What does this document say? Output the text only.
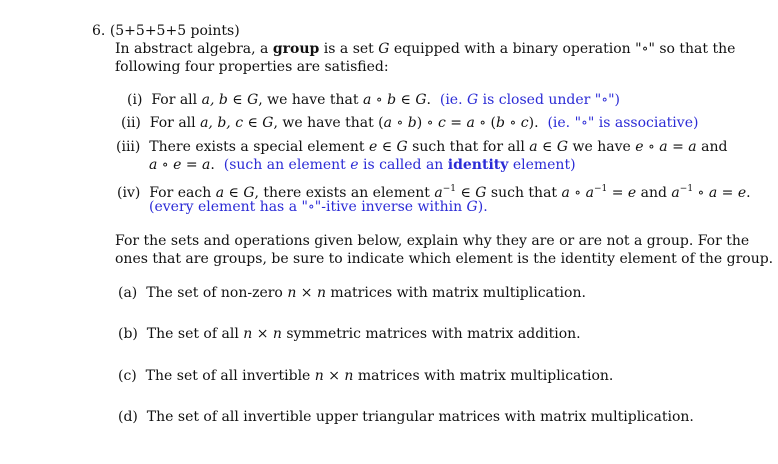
6. (5+5+5+5 points)
In abstract algebra, a group is a set G equipped with a binary operation "∘" so that the
following four properties are satisfied:
(i) For all a, b ∈ G, we have that a ∘ b ∈ G. (ie. G is closed under "∘")
(ii) For all a, b, c ∈ G, we have that (a ∘ b) ∘ c = a ∘ (b ∘ c). (ie. "∘" is associative)
(iii) There exists a special element e ∈ G such that for all a ∈ G we have e ∘ a = a and
a ∘ e = a. (such an element e is called an identity element)
(iv) For each a ∈ G, there exists an element $a^{-1}$ ∈ G such that a ∘ $a^{-1} = e$ and $a^{-1}$ ∘ a = e.
(every element has a "∘"-itive inverse within G).
For the sets and operations given below, explain why they are or are not a group. For the
ones that are groups, be sure to indicate which element is the identity element of the group.
(a) The set of non-zero n × n matrices with matrix multiplication.
(b) The set of all n × n symmetric matrices with matrix addition.
(c) The set of all invertible n × n matrices with matrix multiplication.
(d) The set of all invertible upper triangular matrices with matrix multiplication.
